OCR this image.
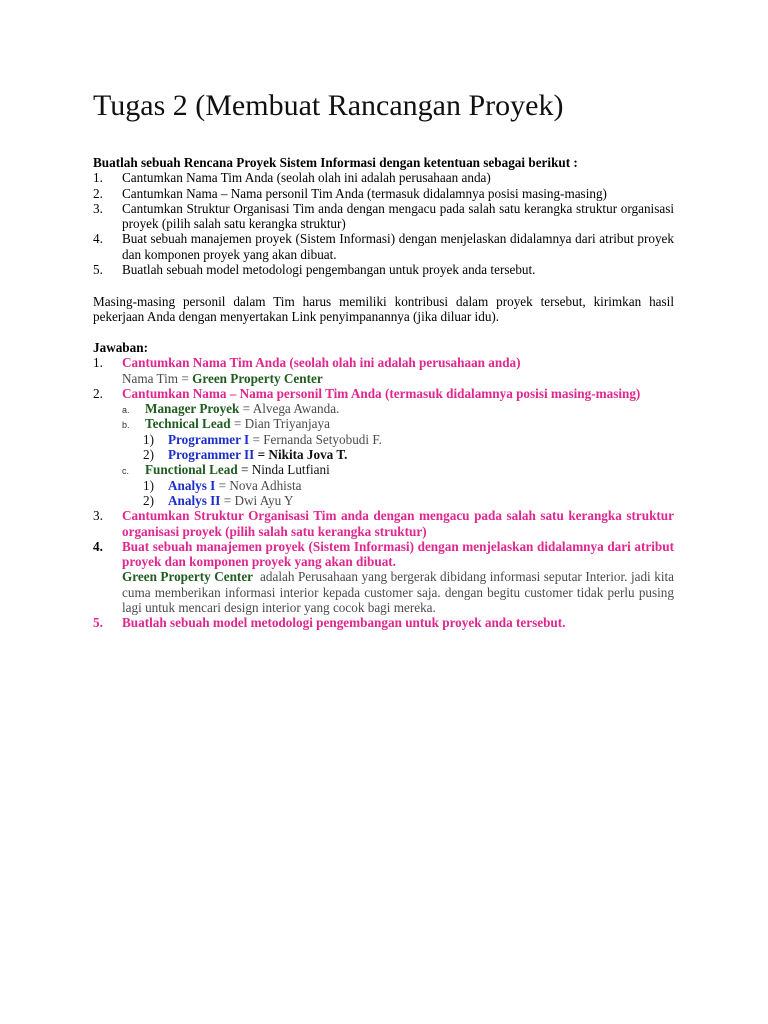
Tugas 2 (Membuat Rancangan Proyek)

Buatlah sebuah Rencana Proyek Sistem Informasi dengan ketentuan sebagai berikut :

1. Cantumkan Nama Tim Anda (seolah olah ini adalah perusahaan anda)
2. Cantumkan Nama – Nama personil Tim Anda (termasuk didalamnya posisi masing-masing)
3. Cantumkan Struktur Organisasi Tim anda dengan mengacu pada salah satu kerangka struktur organisasi proyek (pilih salah satu kerangka struktur)
4. Buat sebuah manajemen proyek (Sistem Informasi) dengan menjelaskan didalamnya dari atribut proyek dan komponen proyek yang akan dibuat.
5. Buatlah sebuah model metodologi pengembangan untuk proyek anda tersebut.

Masing-masing personil dalam Tim harus memiliki kontribusi dalam proyek tersebut, kirimkan hasil pekerjaan Anda dengan menyertakan Link penyimpanannya (jika diluar idu).

Jawaban:

1. Cantumkan Nama Tim Anda (seolah olah ini adalah perusahaan anda)
Nama Tim = Green Property Center
2. Cantumkan Nama – Nama personil Tim Anda (termasuk didalamnya posisi masing-masing)
a. Manager Proyek = Alvega Awanda.
b. Technical Lead = Dian Triyanjaya
1) Programmer I = Fernanda Setyobudi F.
2) Programmer II = Nikita Jova T.
c. Functional Lead = Ninda Lutfiani
1) Analys I = Nova Adhista
2) Analys II = Dwi Ayu Y
3. Cantumkan Struktur Organisasi Tim anda dengan mengacu pada salah satu kerangka struktur organisasi proyek (pilih salah satu kerangka struktur)
4. Buat sebuah manajemen proyek (Sistem Informasi) dengan menjelaskan didalamnya dari atribut proyek dan komponen proyek yang akan dibuat.
Green Property Center  adalah Perusahaan yang bergerak dibidang informasi seputar Interior. jadi kita cuma memberikan informasi interior kepada customer saja. dengan begitu customer tidak perlu pusing lagi untuk mencari design interior yang cocok bagi mereka.
5. Buatlah sebuah model metodologi pengembangan untuk proyek anda tersebut.
